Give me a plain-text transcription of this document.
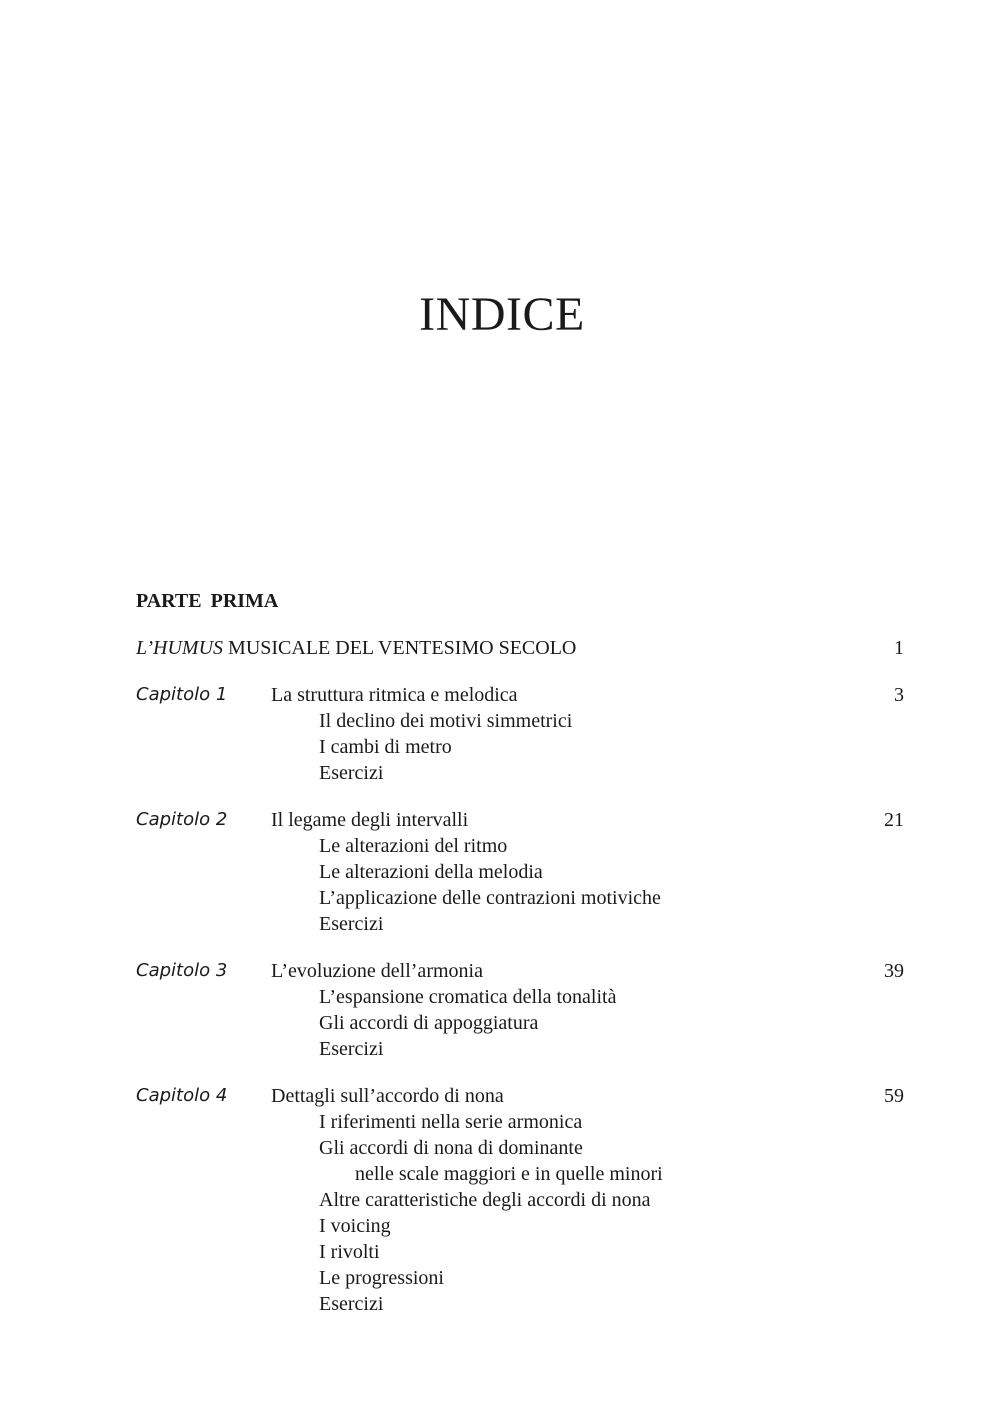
INDICE
PARTE PRIMA
L’HUMUS MUSICALE DEL VENTESIMO SECOLO	1
Capitolo 1 La struttura ritmica e melodica	3
Il declino dei motivi simmetrici
I cambi di metro
Esercizi
Capitolo 2 Il legame degli intervalli	21
Le alterazioni del ritmo
Le alterazioni della melodia
L’applicazione delle contrazioni motiviche
Esercizi
Capitolo 3 L’evoluzione dell’armonia	39
L’espansione cromatica della tonalità
Gli accordi di appoggiatura
Esercizi
Capitolo 4 Dettagli sull’accordo di nona	59
I riferimenti nella serie armonica
Gli accordi di nona di dominante
nelle scale maggiori e in quelle minori
Altre caratteristiche degli accordi di nona
I voicing
I rivolti
Le progressioni
Esercizi
